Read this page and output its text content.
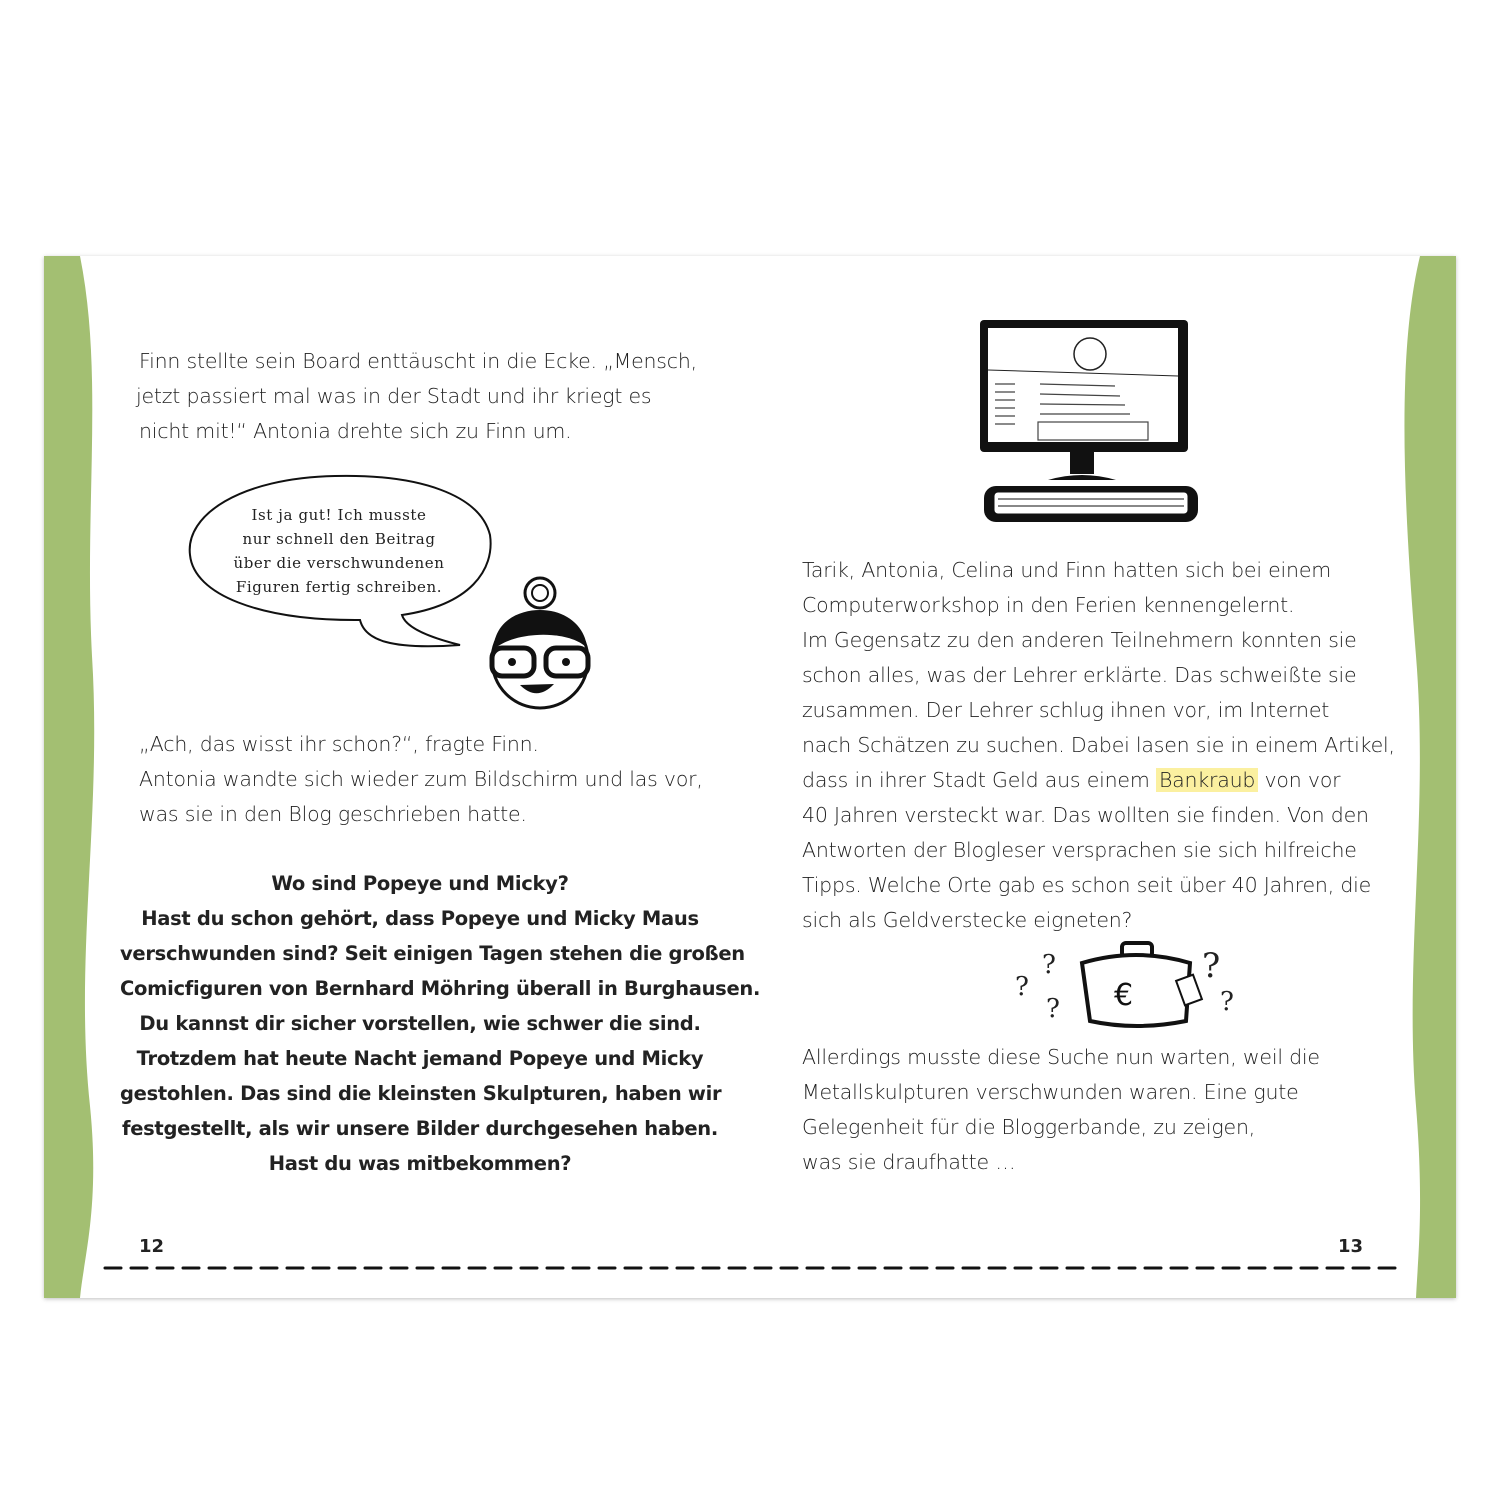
Finn stellte sein Board enttäuscht in die Ecke. „Mensch,
jetzt passiert mal was in der Stadt und ihr kriegt es
nicht mit!“ Antonia drehte sich zu Finn um.
Ist ja gut! Ich musste
nur schnell den Beitrag
über die verschwundenen
Figuren fertig schreiben.
„Ach, das wisst ihr schon?“, fragte Finn.
Antonia wandte sich wieder zum Bildschirm und las vor,
was sie in den Blog geschrieben hatte.
Wo sind Popeye und Micky?
Hast du schon gehört, dass Popeye und Micky Maus
verschwunden sind? Seit einigen Tagen stehen die großen
Comicfiguren von Bernhard Möhring überall in Burghausen.
Du kannst dir sicher vorstellen, wie schwer die sind.
Trotzdem hat heute Nacht jemand Popeye und Micky
gestohlen. Das sind die kleinsten Skulpturen, haben wir
festgestellt, als wir unsere Bilder durchgesehen haben.
Hast du was mitbekommen?
12	13
Tarik, Antonia, Celina und Finn hatten sich bei einem
Computerworkshop in den Ferien kennengelernt.
Im Gegensatz zu den anderen Teilnehmern konnten sie
schon alles, was der Lehrer erklärte. Das schweißte sie
zusammen. Der Lehrer schlug ihnen vor, im Internet
nach Schätzen zu suchen. Dabei lasen sie in einem Artikel,
dass in ihrer Stadt Geld aus einem Bankraub von vor
40 Jahren versteckt war. Das wollten sie finden. Von den
Antworten der Blogleser versprachen sie sich hilfreiche
Tipps. Welche Orte gab es schon seit über 40 Jahren, die
sich als Geldverstecke eigneten?
?
?
?
?
?
€
Allerdings musste diese Suche nun warten, weil die
Metallskulpturen verschwunden waren. Eine gute
Gelegenheit für die Bloggerbande, zu zeigen,
was sie draufhatte …
